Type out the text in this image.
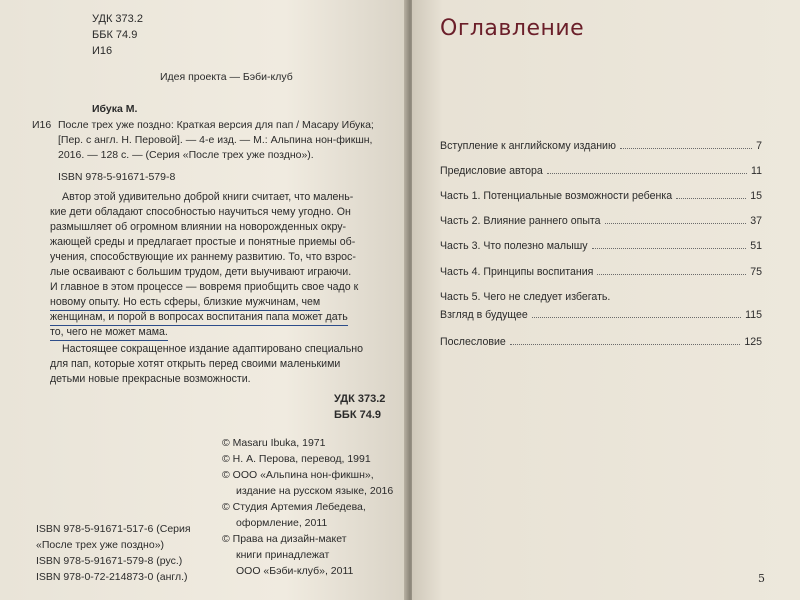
УДК 373.2
ББК 74.9
И16
Идея проекта — Бэби-клуб
Ибука М.
И16 После трех уже поздно: Краткая версия для пап / Масару Ибука;
[Пер. с англ. Н. Перовой]. — 4-е изд. — М.: Альпина нон-фикшн,
2016. — 128 с. — (Серия «После трех уже поздно»).
ISBN 978-5-91671-579-8
Автор этой удивительно доброй книги считает, что малень-
кие дети обладают способностью научиться чему угодно. Он
размышляет об огромном влиянии на новорожденных окру-
жающей среды и предлагает простые и понятные приемы об-
учения, способствующие их раннему развитию. То, что взрос-
лые осваивают с большим трудом, дети выучивают играючи.
И главное в этом процессе — вовремя приобщить свое чадо к
новому опыту. Но есть сферы, близкие мужчинам, чем
женщинам, и порой в вопросах воспитания папа может дать
то, чего не может мама.
Настоящее сокращенное издание адаптировано специально
для пап, которые хотят открыть перед своими маленькими
детьми новые прекрасные возможности.
УДК 373.2
ББК 74.9
© Masaru Ibuka, 1971
© Н. А. Перова, перевод, 1991
© ООО «Альпина нон-фикшн»,
издание на русском языке, 2016
© Студия Артемия Лебедева,
оформление, 2011
© Права на дизайн-макет
книги принадлежат
ООО «Бэби-клуб», 2011
ISBN 978-5-91671-517-6 (Серия
«После трех уже поздно»)
ISBN 978-5-91671-579-8 (рус.)
ISBN 978-0-72-214873-0 (англ.)
Оглавление
5
Вступление к английскому изданию	7
Предисловие автора	11
Часть 1. Потенциальные возможности ребенка	15
Часть 2. Влияние раннего опыта	37
Часть 3. Что полезно малышу	51
Часть 4. Принципы воспитания	75
Часть 5. Чего не следует избегать.
Взгляд в будущее	115
Послесловие	125
